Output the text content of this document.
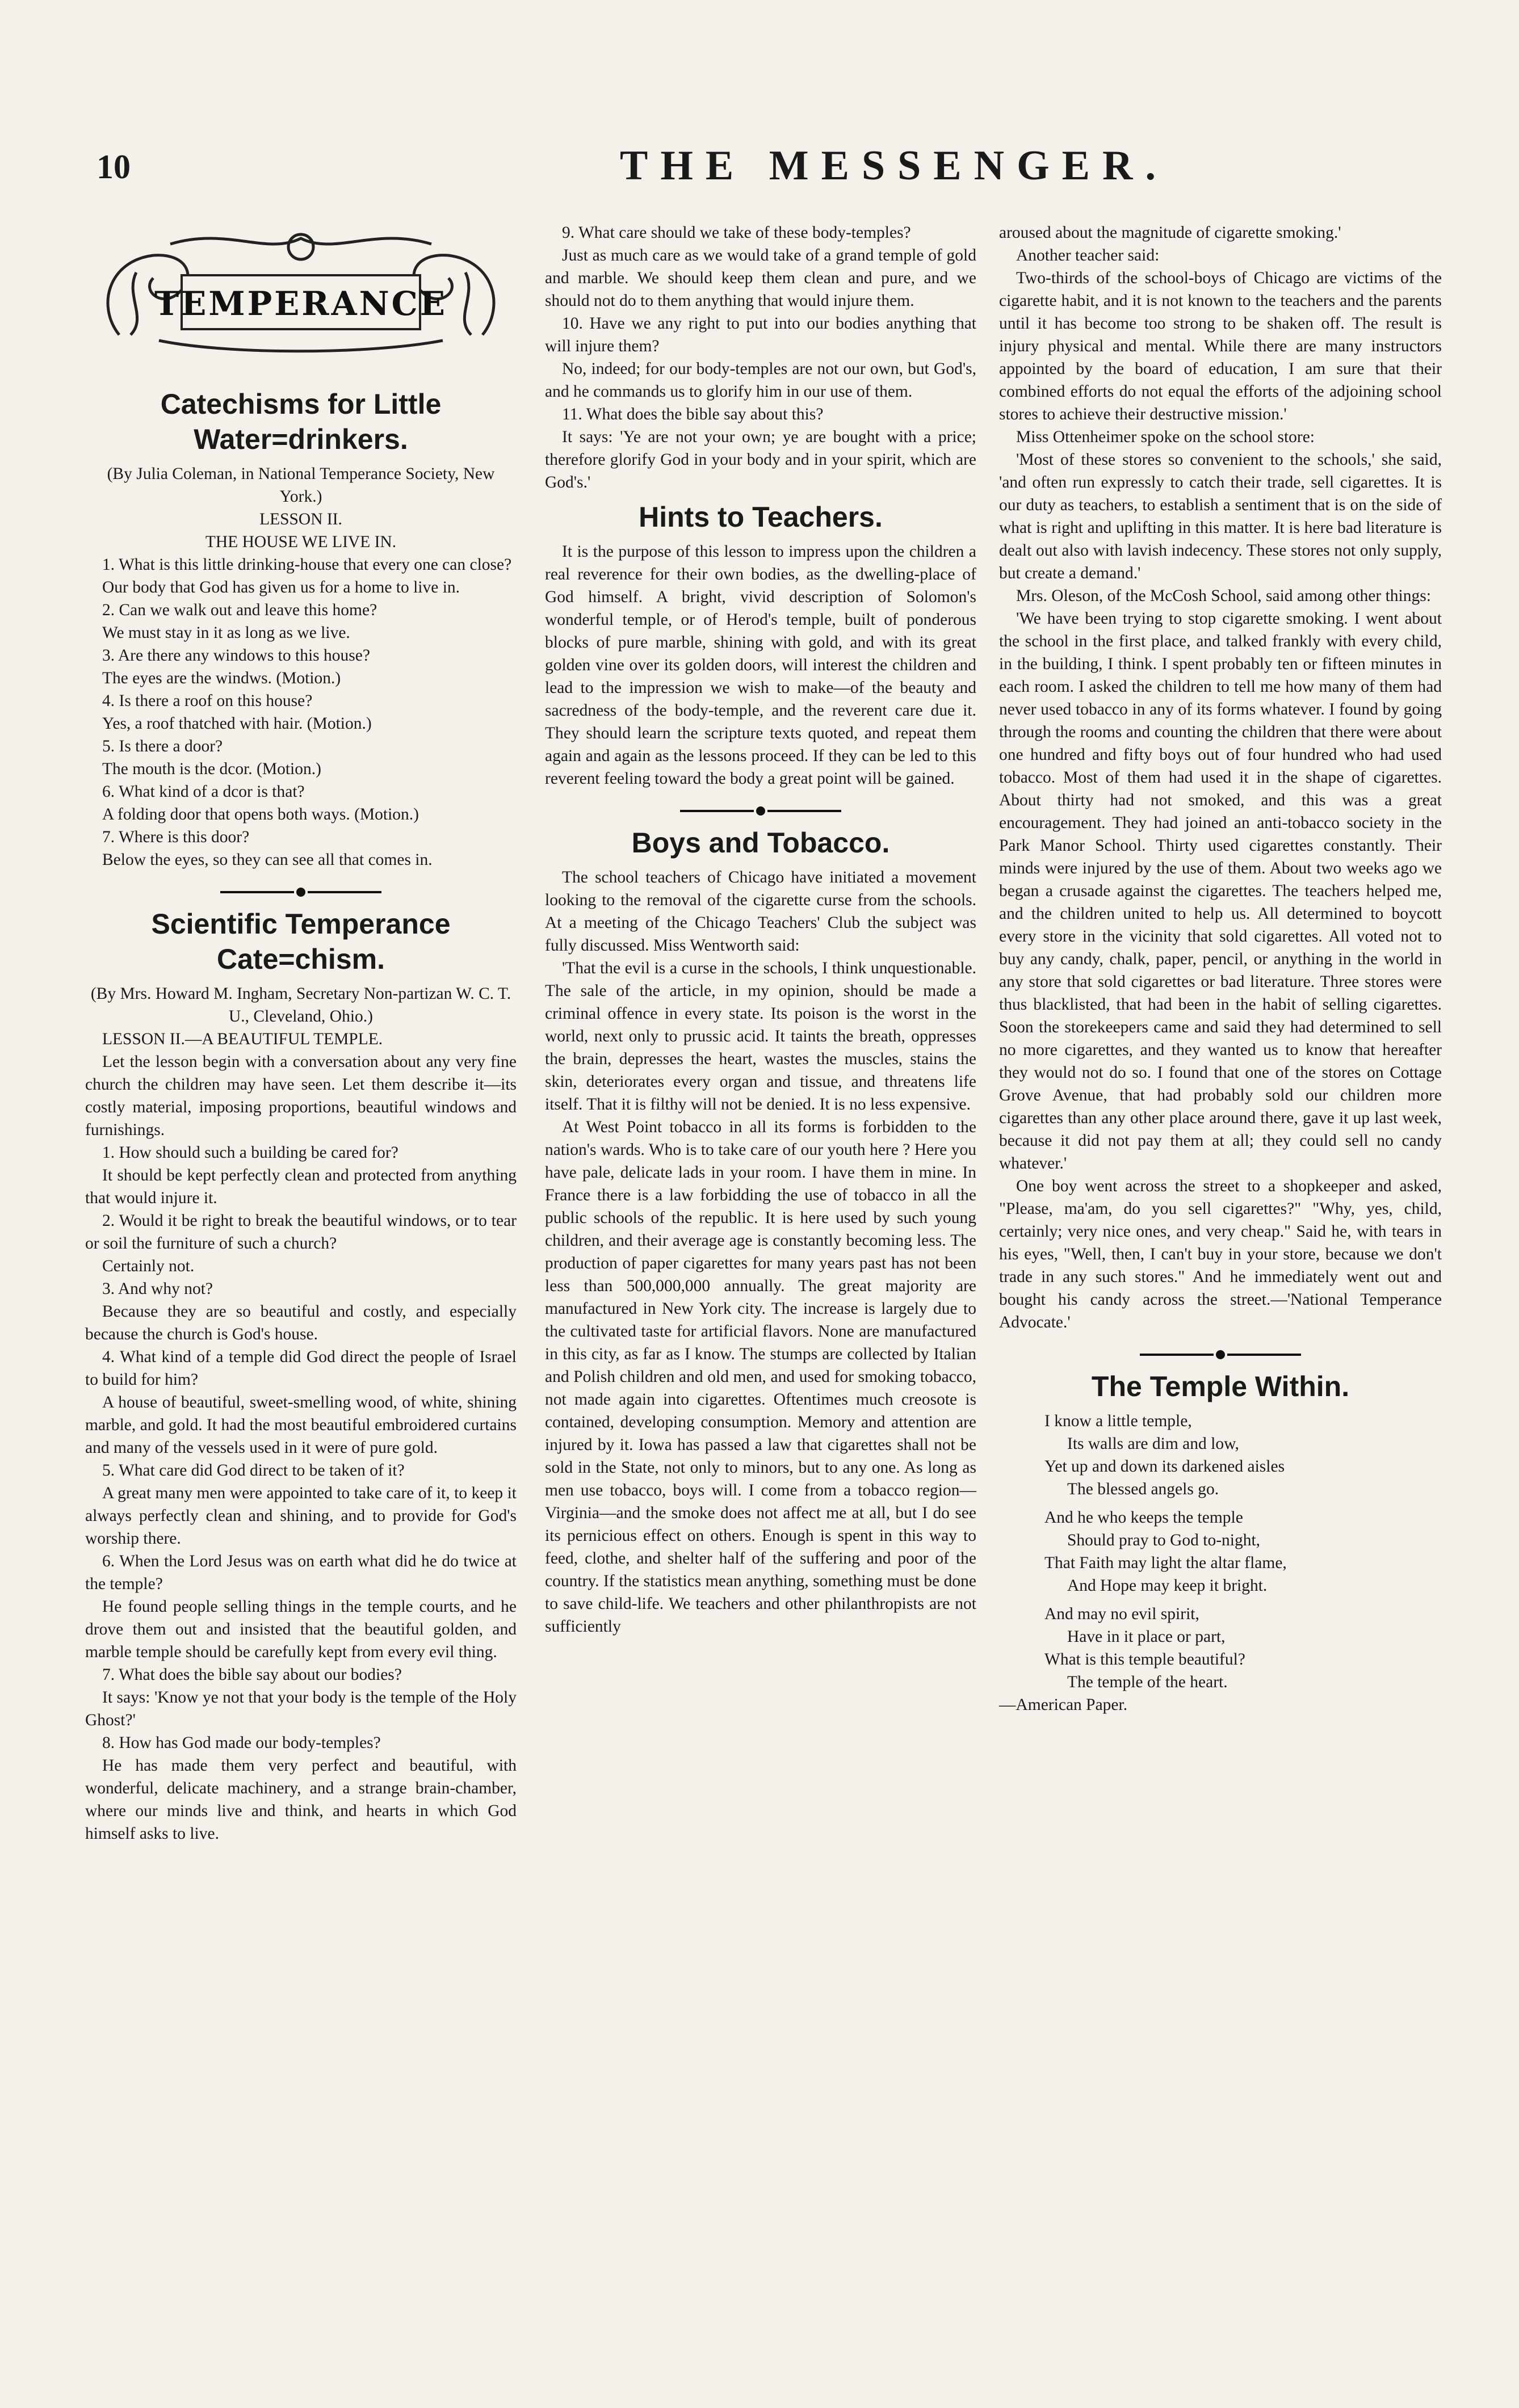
10	THE MESSENGER.
TEMPERANCE
Catechisms for Little Water=drinkers.

(By Julia Coleman, in National Temperance Society, New York.)

LESSON II.

THE HOUSE WE LIVE IN.

1. What is this little drinking-house that every one can close?

Our body that God has given us for a home to live in.

2. Can we walk out and leave this home?

We must stay in it as long as we live.

3. Are there any windows to this house?

The eyes are the windws. (Motion.)

4. Is there a roof on this house?

Yes, a roof thatched with hair. (Motion.)

5. Is there a door?

The mouth is the dcor. (Motion.)

6. What kind of a dcor is that?

A folding door that opens both ways. (Motion.)

7. Where is this door?

Below the eyes, so they can see all that comes in.

Scientific Temperance Cate=chism.

(By Mrs. Howard M. Ingham, Secretary Non-partizan W. C. T. U., Cleveland, Ohio.)

LESSON II.—A BEAUTIFUL TEMPLE.

Let the lesson begin with a conversation about any very fine church the children may have seen. Let them describe it—its costly material, imposing proportions, beautiful windows and furnishings.

1. How should such a building be cared for?

It should be kept perfectly clean and protected from anything that would injure it.

2. Would it be right to break the beautiful windows, or to tear or soil the furniture of such a church?

Certainly not.

3. And why not?

Because they are so beautiful and costly, and especially because the church is God's house.

4. What kind of a temple did God direct the people of Israel to build for him?

A house of beautiful, sweet-smelling wood, of white, shining marble, and gold. It had the most beautiful embroidered curtains and many of the vessels used in it were of pure gold.

5. What care did God direct to be taken of it?

A great many men were appointed to take care of it, to keep it always perfectly clean and shining, and to provide for God's worship there.

6. When the Lord Jesus was on earth what did he do twice at the temple?

He found people selling things in the temple courts, and he drove them out and insisted that the beautiful golden, and marble temple should be carefully kept from every evil thing.

7. What does the bible say about our bodies?

It says: 'Know ye not that your body is the temple of the Holy Ghost?'

8. How has God made our body-temples?

He has made them very perfect and beautiful, with wonderful, delicate machinery, and a strange brain-chamber, where our minds live and think, and hearts in which God himself asks to live.

9. What care should we take of these body-temples?

Just as much care as we would take of a grand temple of gold and marble. We should keep them clean and pure, and we should not do to them anything that would injure them.

10. Have we any right to put into our bodies anything that will injure them?

No, indeed; for our body-temples are not our own, but God's, and he commands us to glorify him in our use of them.

11. What does the bible say about this?

It says: 'Ye are not your own; ye are bought with a price; therefore glorify God in your body and in your spirit, which are God's.'

Hints to Teachers.

It is the purpose of this lesson to impress upon the children a real reverence for their own bodies, as the dwelling-place of God himself. A bright, vivid description of Solomon's wonderful temple, or of Herod's temple, built of ponderous blocks of pure marble, shining with gold, and with its great golden vine over its golden doors, will interest the children and lead to the impression we wish to make—of the beauty and sacredness of the body-temple, and the reverent care due it. They should learn the scripture texts quoted, and repeat them again and again as the lessons proceed. If they can be led to this reverent feeling toward the body a great point will be gained.

Boys and Tobacco.

The school teachers of Chicago have initiated a movement looking to the removal of the cigarette curse from the schools. At a meeting of the Chicago Teachers' Club the subject was fully discussed. Miss Wentworth said:

'That the evil is a curse in the schools, I think unquestionable. The sale of the article, in my opinion, should be made a criminal offence in every state. Its poison is the worst in the world, next only to prussic acid. It taints the breath, oppresses the brain, depresses the heart, wastes the muscles, stains the skin, deteriorates every organ and tissue, and threatens life itself. That it is filthy will not be denied. It is no less expensive.

At West Point tobacco in all its forms is forbidden to the nation's wards. Who is to take care of our youth here ? Here you have pale, delicate lads in your room. I have them in mine. In France there is a law forbidding the use of tobacco in all the public schools of the republic. It is here used by such young children, and their average age is constantly becoming less. The production of paper cigarettes for many years past has not been less than 500,000,000 annually. The great majority are manufactured in New York city. The increase is largely due to the cultivated taste for artificial flavors. None are manufactured in this city, as far as I know. The stumps are collected by Italian and Polish children and old men, and used for smoking tobacco, not made again into cigarettes. Oftentimes much creosote is contained, developing consumption. Memory and attention are injured by it. Iowa has passed a law that cigarettes shall not be sold in the State, not only to minors, but to any one. As long as men use tobacco, boys will. I come from a tobacco region—Virginia—and the smoke does not affect me at all, but I do see its pernicious effect on others. Enough is spent in this way to feed, clothe, and shelter half of the suffering and poor of the country. If the statistics mean anything, something must be done to save child-life. We teachers and other philanthropists are not sufficiently

aroused about the magnitude of cigarette smoking.'

Another teacher said:

Two-thirds of the school-boys of Chicago are victims of the cigarette habit, and it is not known to the teachers and the parents until it has become too strong to be shaken off. The result is injury physical and mental. While there are many instructors appointed by the board of education, I am sure that their combined efforts do not equal the efforts of the adjoining school stores to achieve their destructive mission.'

Miss Ottenheimer spoke on the school store:

'Most of these stores so convenient to the schools,' she said, 'and often run expressly to catch their trade, sell cigarettes. It is our duty as teachers, to establish a sentiment that is on the side of what is right and uplifting in this matter. It is here bad literature is dealt out also with lavish indecency. These stores not only supply, but create a demand.'

Mrs. Oleson, of the McCosh School, said among other things:

'We have been trying to stop cigarette smoking. I went about the school in the first place, and talked frankly with every child, in the building, I think. I spent probably ten or fifteen minutes in each room. I asked the children to tell me how many of them had never used tobacco in any of its forms whatever. I found by going through the rooms and counting the children that there were about one hundred and fifty boys out of four hundred who had used tobacco. Most of them had used it in the shape of cigarettes. About thirty had not smoked, and this was a great encouragement. They had joined an anti-tobacco society in the Park Manor School. Thirty used cigarettes constantly. Their minds were injured by the use of them. About two weeks ago we began a crusade against the cigarettes. The teachers helped me, and the children united to help us. All determined to boycott every store in the vicinity that sold cigarettes. All voted not to buy any candy, chalk, paper, pencil, or anything in the world in any store that sold cigarettes or bad literature. Three stores were thus blacklisted, that had been in the habit of selling cigarettes. Soon the storekeepers came and said they had determined to sell no more cigarettes, and they wanted us to know that hereafter they would not do so. I found that one of the stores on Cottage Grove Avenue, that had probably sold our children more cigarettes than any other place around there, gave it up last week, because it did not pay them at all; they could sell no candy whatever.'

One boy went across the street to a shopkeeper and asked, "Please, ma'am, do you sell cigarettes?" "Why, yes, child, certainly; very nice ones, and very cheap." Said he, with tears in his eyes, "Well, then, I can't buy in your store, because we don't trade in any such stores." And he immediately went out and bought his candy across the street.—'National Temperance Advocate.'

The Temple Within.

I know a little temple,

Its walls are dim and low,

Yet up and down its darkened aisles

The blessed angels go.

And he who keeps the temple

Should pray to God to-night,

That Faith may light the altar flame,

And Hope may keep it bright.

And may no evil spirit,

Have in it place or part,

What is this temple beautiful?

The temple of the heart.

—American Paper.
